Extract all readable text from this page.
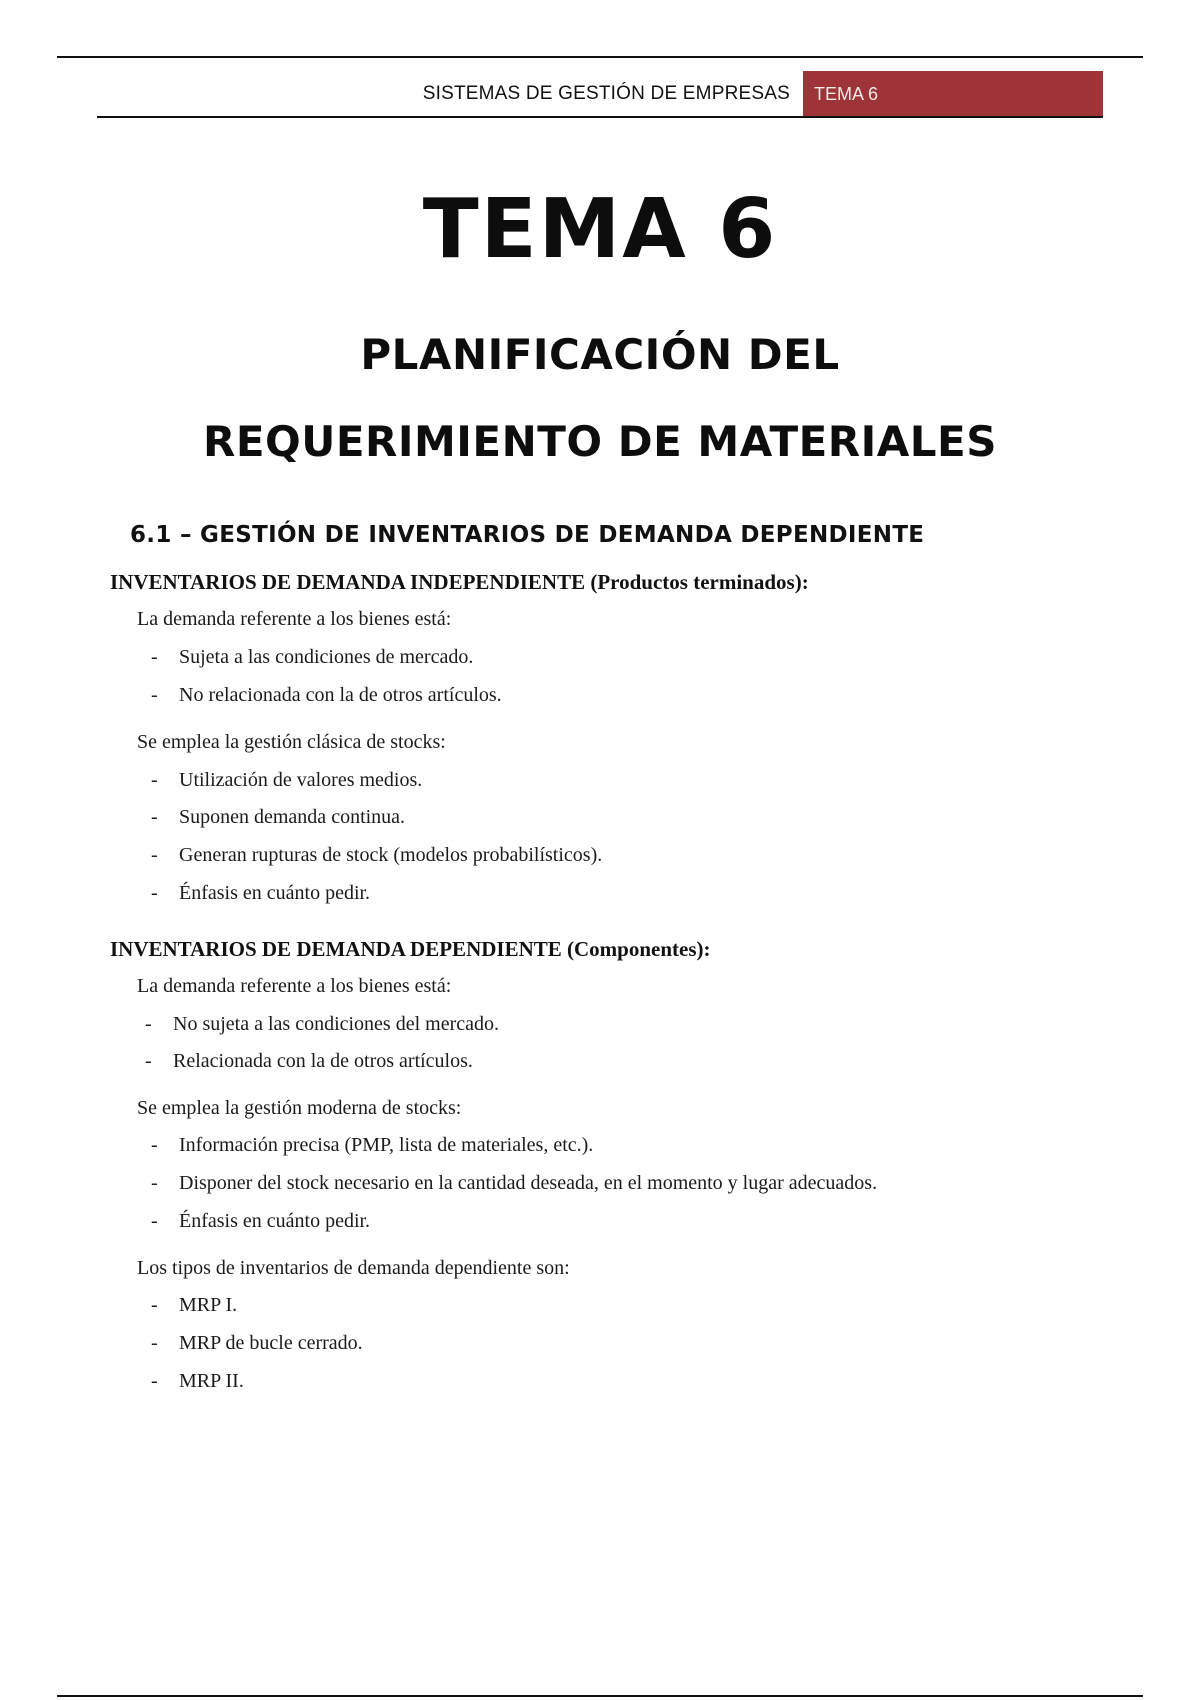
SISTEMAS DE GESTIÓN DE EMPRESAS	TEMA 6
TEMA 6
PLANIFICACIÓN DEL
REQUERIMIENTO DE MATERIALES
6.1 – GESTIÓN DE INVENTARIOS DE DEMANDA DEPENDIENTE
INVENTARIOS DE DEMANDA INDEPENDIENTE (Productos terminados):
La demanda referente a los bienes está:
- Sujeta a las condiciones de mercado.
- No relacionada con la de otros artículos.
Se emplea la gestión clásica de stocks:
- Utilización de valores medios.
- Suponen demanda continua.
- Generan rupturas de stock (modelos probabilísticos).
- Énfasis en cuánto pedir.
INVENTARIOS DE DEMANDA DEPENDIENTE (Componentes):
La demanda referente a los bienes está:
- No sujeta a las condiciones del mercado.
- Relacionada con la de otros artículos.
Se emplea la gestión moderna de stocks:
- Información precisa (PMP, lista de materiales, etc.).
- Disponer del stock necesario en la cantidad deseada, en el momento y lugar adecuados.
- Énfasis en cuánto pedir.
Los tipos de inventarios de demanda dependiente son:
- MRP I.
- MRP de bucle cerrado.
- MRP II.
